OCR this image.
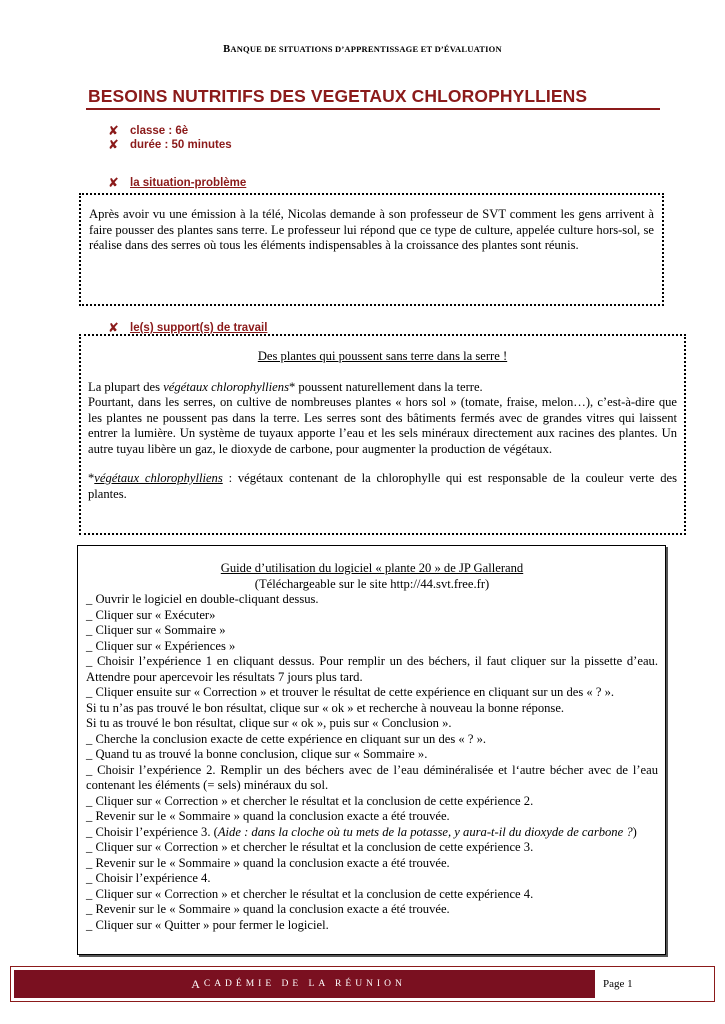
BANQUE DE SITUATIONS D’APPRENTISSAGE ET D’ÉVALUATION
BESOINS NUTRITIFS DES VEGETAUX CHLOROPHYLLIENS
✘ classe : 6è
✘ durée : 50 minutes
✘ la situation-problème
Après avoir vu une émission à la télé, Nicolas demande à son professeur de SVT comment les gens arrivent à faire pousser des plantes sans terre. Le professeur lui répond que ce type de culture, appelée culture hors-sol, se réalise dans des serres où tous les éléments indispensables à la croissance des plantes sont réunis.
✘ le(s) support(s) de travail
Des plantes qui poussent sans terre dans la serre !
La plupart des végétaux chlorophylliens* poussent naturellement dans la terre.
Pourtant, dans les serres, on cultive de nombreuses plantes « hors sol » (tomate, fraise, melon…), c’est-à-dire que les plantes ne poussent pas dans la terre. Les serres sont des bâtiments fermés avec de grandes vitres qui laissent entrer la lumière. Un système de tuyaux apporte l’eau et les sels minéraux directement aux racines des plantes. Un autre tuyau libère un gaz, le dioxyde de carbone, pour augmenter la production de végétaux.
*végétaux chlorophylliens : végétaux contenant de la chlorophylle qui est responsable de la couleur verte des plantes.
Guide d’utilisation du logiciel « plante 20 » de JP Gallerand
(Téléchargeable sur le site http://44.svt.free.fr)
_ Ouvrir le logiciel en double-cliquant dessus.
_ Cliquer sur « Exécuter»
_ Cliquer sur « Sommaire »
_ Cliquer sur « Expériences »
_ Choisir l’expérience 1 en cliquant dessus. Pour remplir un des béchers, il faut cliquer sur la pissette d’eau. Attendre pour apercevoir les résultats 7 jours plus tard.
_ Cliquer ensuite sur « Correction » et trouver le résultat de cette expérience en cliquant sur un des « ? ».
Si tu n’as pas trouvé le bon résultat, clique sur « ok » et recherche à nouveau la bonne réponse.
Si tu as trouvé le bon résultat, clique sur « ok », puis sur « Conclusion ».
_ Cherche la conclusion exacte de cette expérience en cliquant sur un des « ? ».
_ Quand tu as trouvé la bonne conclusion, clique sur « Sommaire ».
_ Choisir l’expérience 2. Remplir un des béchers avec de l’eau déminéralisée et l‘autre bécher avec de l’eau contenant les éléments (= sels) minéraux du sol.
_ Cliquer sur « Correction » et chercher le résultat et la conclusion de cette expérience 2.
_ Revenir sur le « Sommaire » quand la conclusion exacte a été trouvée.
_ Choisir l’expérience 3. (Aide : dans la cloche où tu mets de la potasse, y aura-t-il du dioxyde de carbone ?)
_ Cliquer sur « Correction » et chercher le résultat et la conclusion de cette expérience 3.
_ Revenir sur le « Sommaire » quand la conclusion exacte a été trouvée.
_ Choisir l’expérience 4.
_ Cliquer sur « Correction » et chercher le résultat et la conclusion de cette expérience 4.
_ Revenir sur le « Sommaire » quand la conclusion exacte a été trouvée.
_ Cliquer sur « Quitter » pour fermer le logiciel.
A CADÉMIE DE LA RÉUNION	Page 1
